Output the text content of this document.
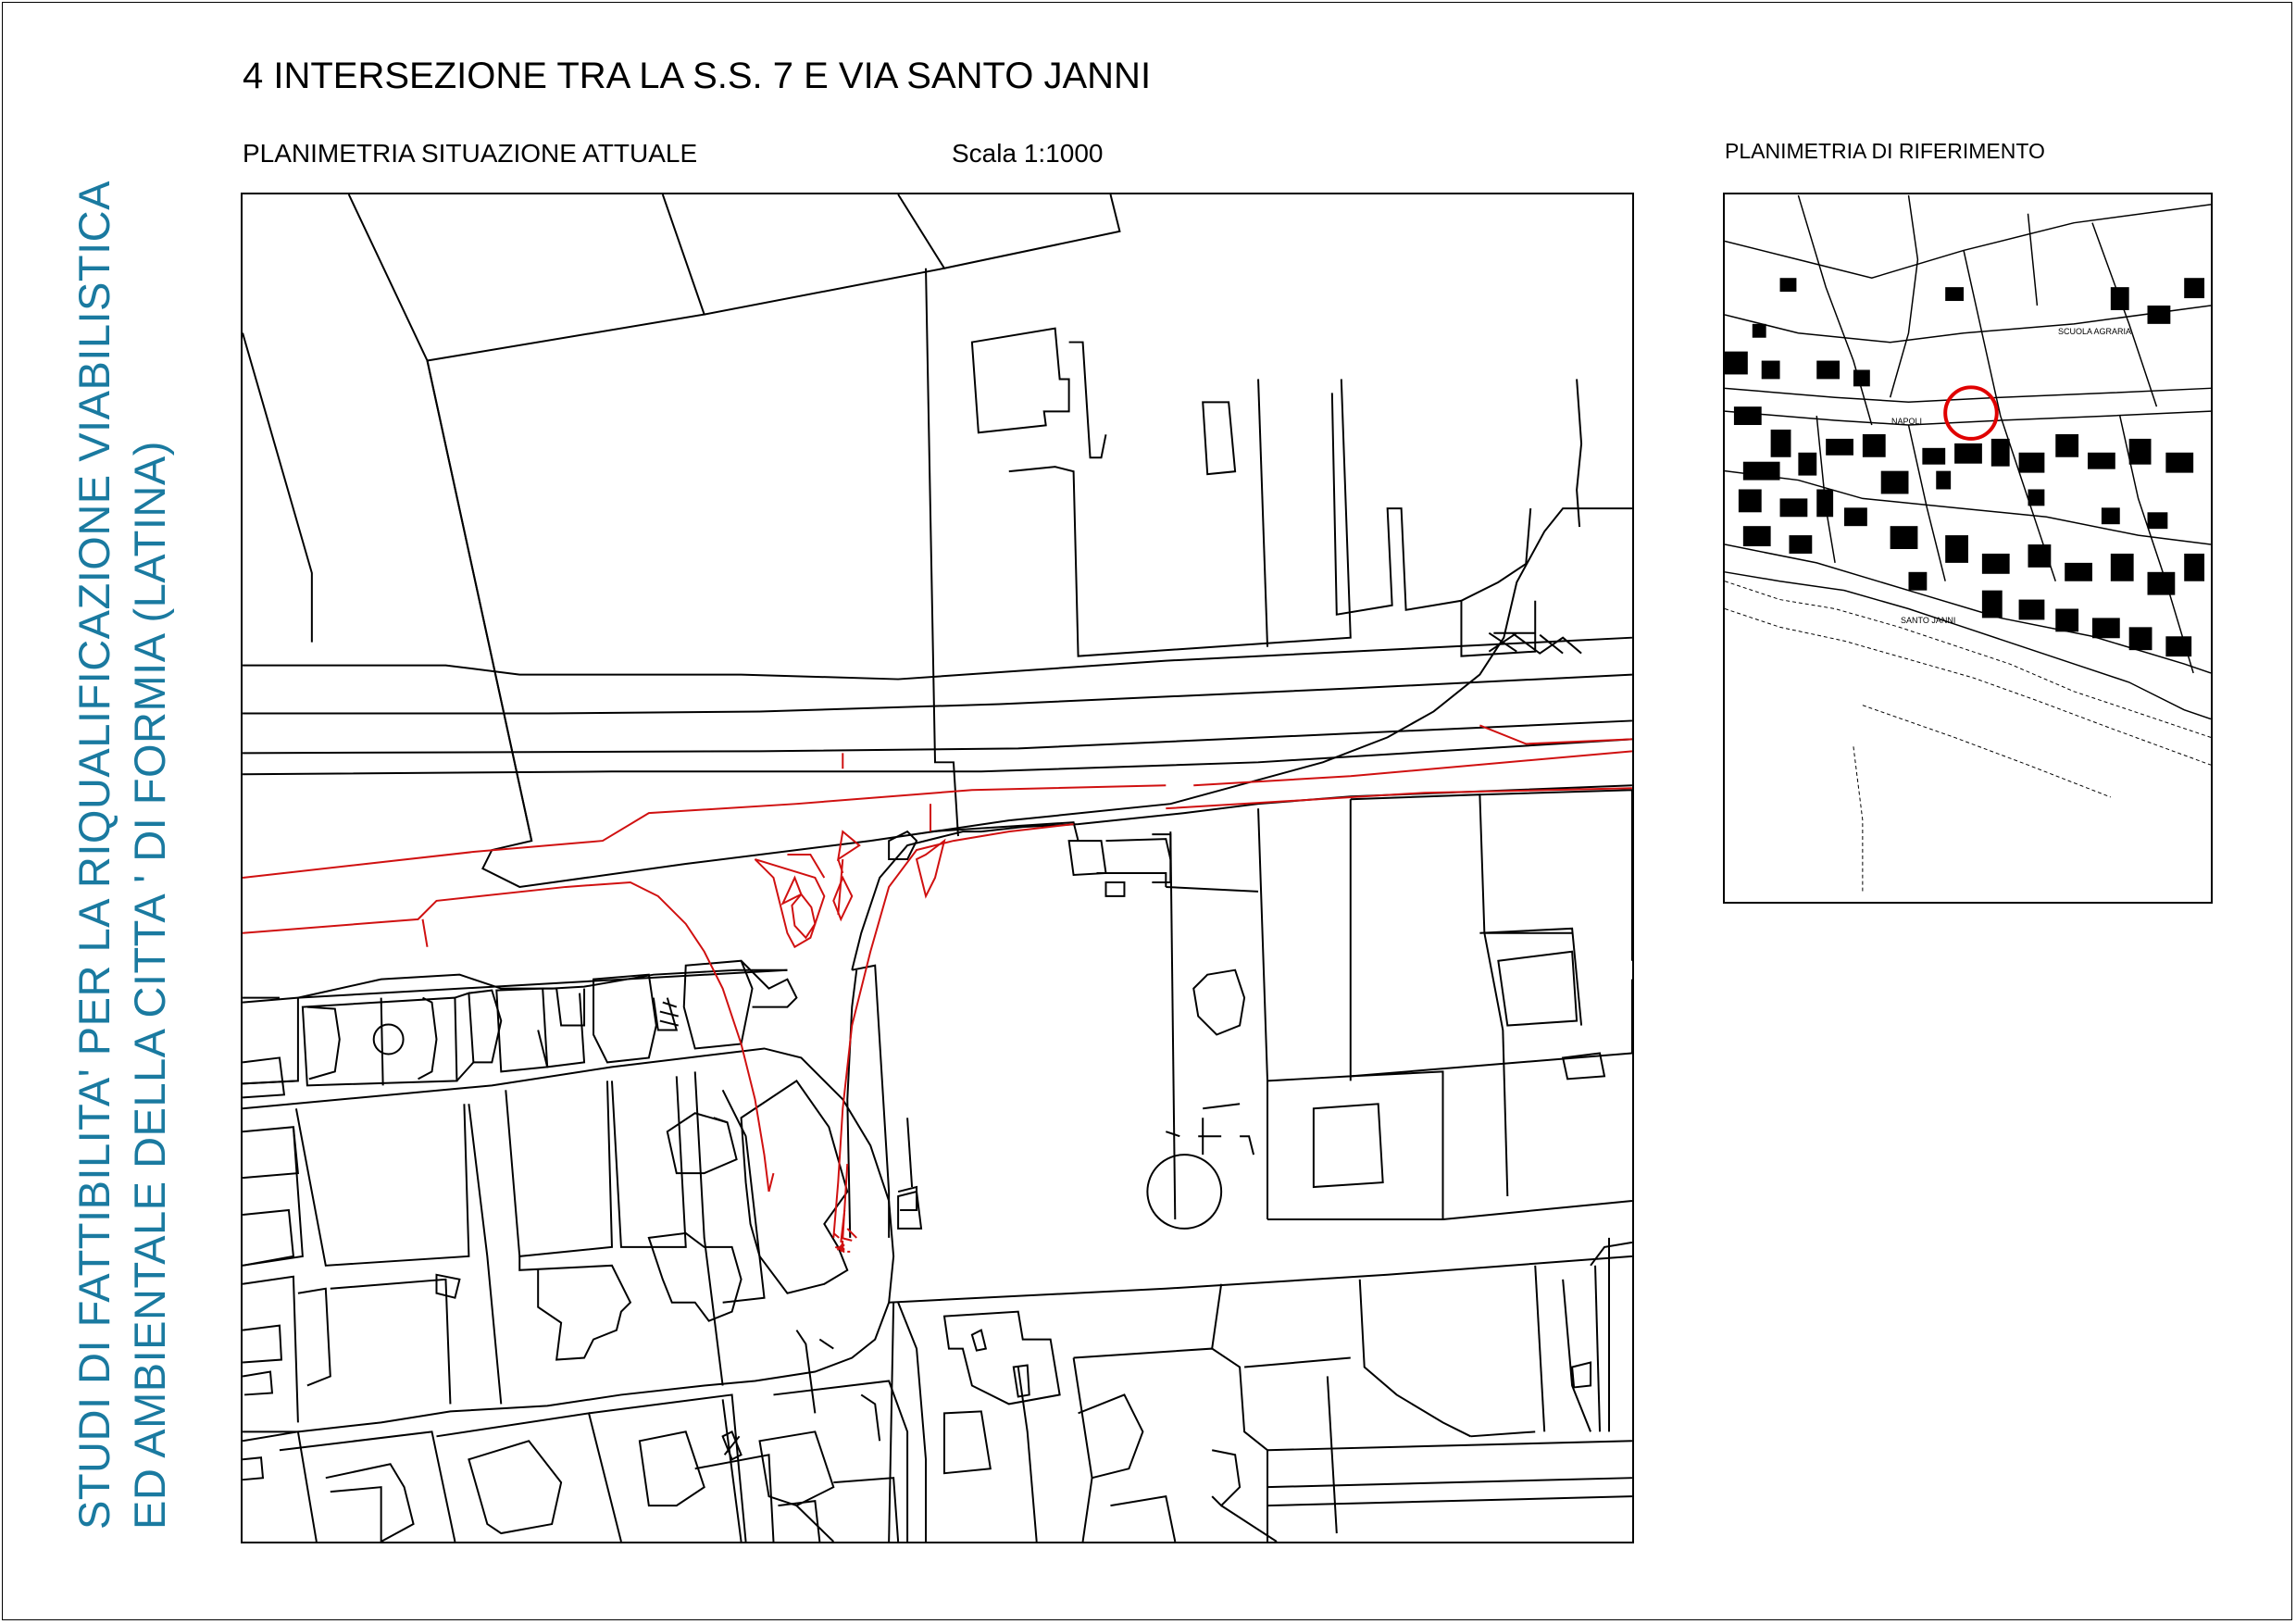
STUDI DI FATTIBILITA' PER LA RIQUALIFICAZIONE VIABILISTICA ED AMBIENTALE DELLA CITTA ' DI FORMIA (LATINA)
4 INTERSEZIONE TRA LA S.S. 7 E VIA SANTO JANNI
PLANIMETRIA SITUAZIONE ATTUALE	Scala 1:1000	PLANIMETRIA DI RIFERIMENTO
SCUOLA AGRARIA
NAPOLI
SANTO JANNI
